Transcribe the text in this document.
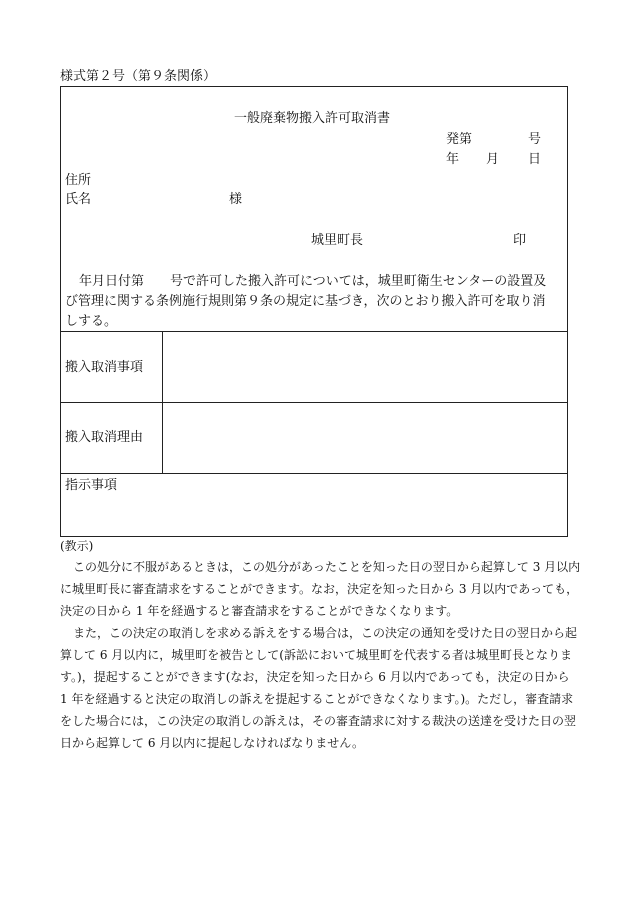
様式第２号（第９条関係）
一般廃棄物搬入許可取消書
発第	号
年 月 日
住所
氏名	様
城里町長	印
年月日付第　　号で許可した搬入許可については，城里町衛生センターの設置及
び管理に関する条例施行規則第９条の規定に基づき，次のとおり搬入許可を取り消
しする。
搬入取消事項
搬入取消理由
指示事項
(教示)
この処分に不服があるときは，この処分があったことを知った日の翌日から起算して 3 月以内
に城里町長に審査請求をすることができます。なお，決定を知った日から 3 月以内であっても，
決定の日から 1 年を経過すると審査請求をすることができなくなります。
また，この決定の取消しを求める訴えをする場合は，この決定の通知を受けた日の翌日から起
算して 6 月以内に，城里町を被告として(訴訟において城里町を代表する者は城里町長となりま
す。)，提起することができます(なお，決定を知った日から 6 月以内であっても，決定の日から
1 年を経過すると決定の取消しの訴えを提起することができなくなります。)。ただし，審査請求
をした場合には，この決定の取消しの訴えは，その審査請求に対する裁決の送達を受けた日の翌
日から起算して 6 月以内に提起しなければなりません。
